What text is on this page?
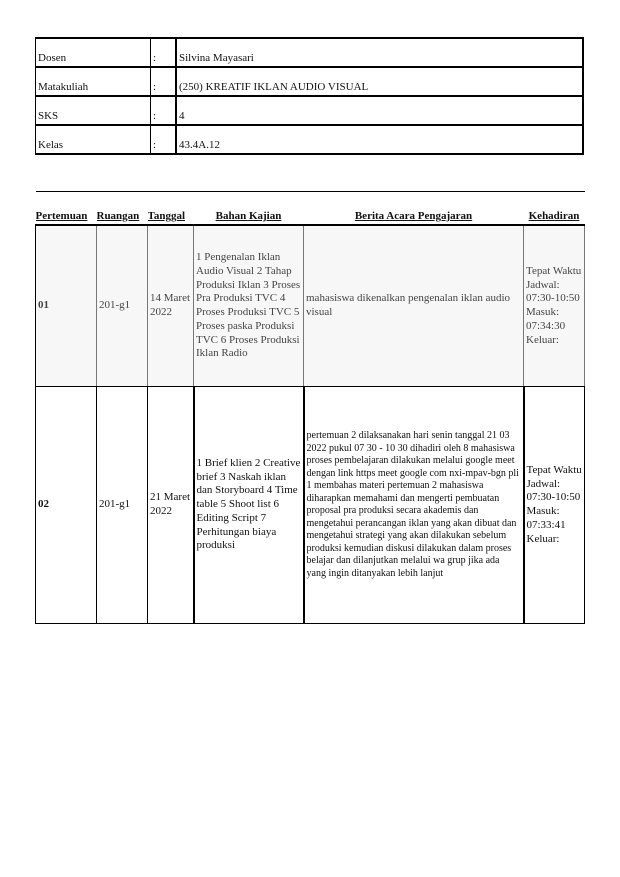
Dosen	:	Silvina Mayasari
Matakuliah	:	(250) KREATIF IKLAN AUDIO VISUAL
SKS	:	4
Kelas	:	43.4A.12
Pertemuan	Ruangan	Tanggal	Bahan Kajian	Berita Acara Pengajaran	Kehadiran
01	201-g1	14 Maret 2022	1 Pengenalan Iklan Audio Visual 2 Tahap Produksi Iklan 3 Proses Pra Produksi TVC 4 Proses Produksi TVC 5 Proses paska Produksi TVC 6 Proses Produksi Iklan Radio	mahasiswa dikenalkan pengenalan iklan audio visual	Tepat Waktu Jadwal: 07:30-10:50 Masuk: 07:34:30 Keluar:
02	201-g1	21 Maret 2022	1 Brief klien 2 Creative brief 3 Naskah iklan dan Storyboard 4 Time table 5 Shoot list 6 Editing Script 7 Perhitungan biaya produksi	pertemuan 2 dilaksanakan hari senin tanggal 21 03 2022 pukul 07 30 - 10 30 dihadiri oleh 8 mahasiswa proses pembelajaran dilakukan melalui google meet dengan link https meet google com nxi-mpav-bgn pli 1 membahas materi pertemuan 2 mahasiswa diharapkan memahami dan mengerti pembuatan proposal pra produksi secara akademis dan mengetahui perancangan iklan yang akan dibuat dan mengetahui strategi yang akan dilakukan sebelum produksi kemudian diskusi dilakukan dalam proses belajar dan dilanjutkan melalui wa grup jika ada yang ingin ditanyakan lebih lanjut	Tepat Waktu Jadwal: 07:30-10:50 Masuk: 07:33:41 Keluar:
